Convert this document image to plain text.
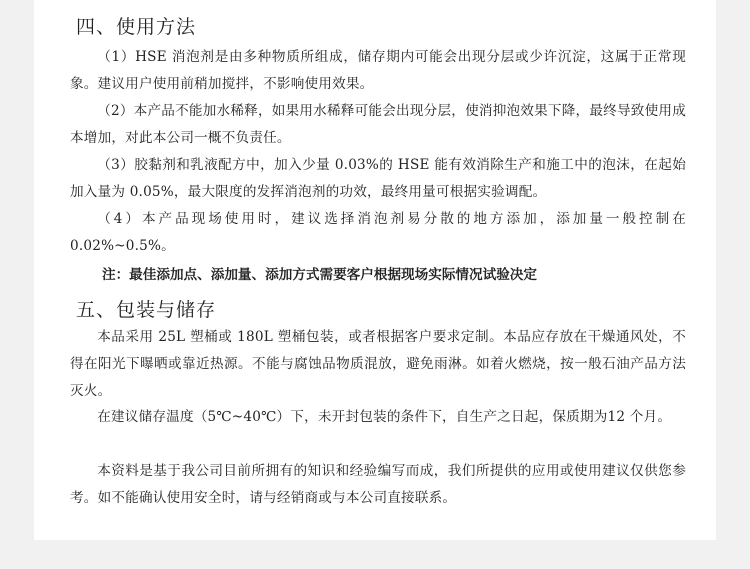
四、使用方法

（1）HSE 消泡剂是由多种物质所组成，储存期内可能会出现分层或少许沉淀，这属于正常现象。建议用户使用前稍加搅拌，不影响使用效果。

（2）本产品不能加水稀释，如果用水稀释可能会出现分层，使消抑泡效果下降，最终导致使用成本增加，对此本公司一概不负责任。

（3）胶黏剂和乳液配方中，加入少量 0.03%的 HSE 能有效消除生产和施工中的泡沫，在起始加入量为 0.05%，最大限度的发挥消泡剂的功效，最终用量可根据实验调配。

（4）本产品现场使用时，建议选择消泡剂易分散的地方添加，添加量一般控制在0.02%~0.5%。

注：最佳添加点、添加量、添加方式需要客户根据现场实际情况试验决定

五、包装与储存

本品采用 25L 塑桶或 180L 塑桶包装，或者根据客户要求定制。本品应存放在干燥通风处，不得在阳光下曝晒或靠近热源。不能与腐蚀品物质混放，避免雨淋。如着火燃烧，按一般石油产品方法灭火。

在建议储存温度（5℃~40℃）下，未开封包装的条件下，自生产之日起，保质期为12 个月。

本资料是基于我公司目前所拥有的知识和经验编写而成，我们所提供的应用或使用建议仅供您参考。如不能确认使用安全时，请与经销商或与本公司直接联系。
